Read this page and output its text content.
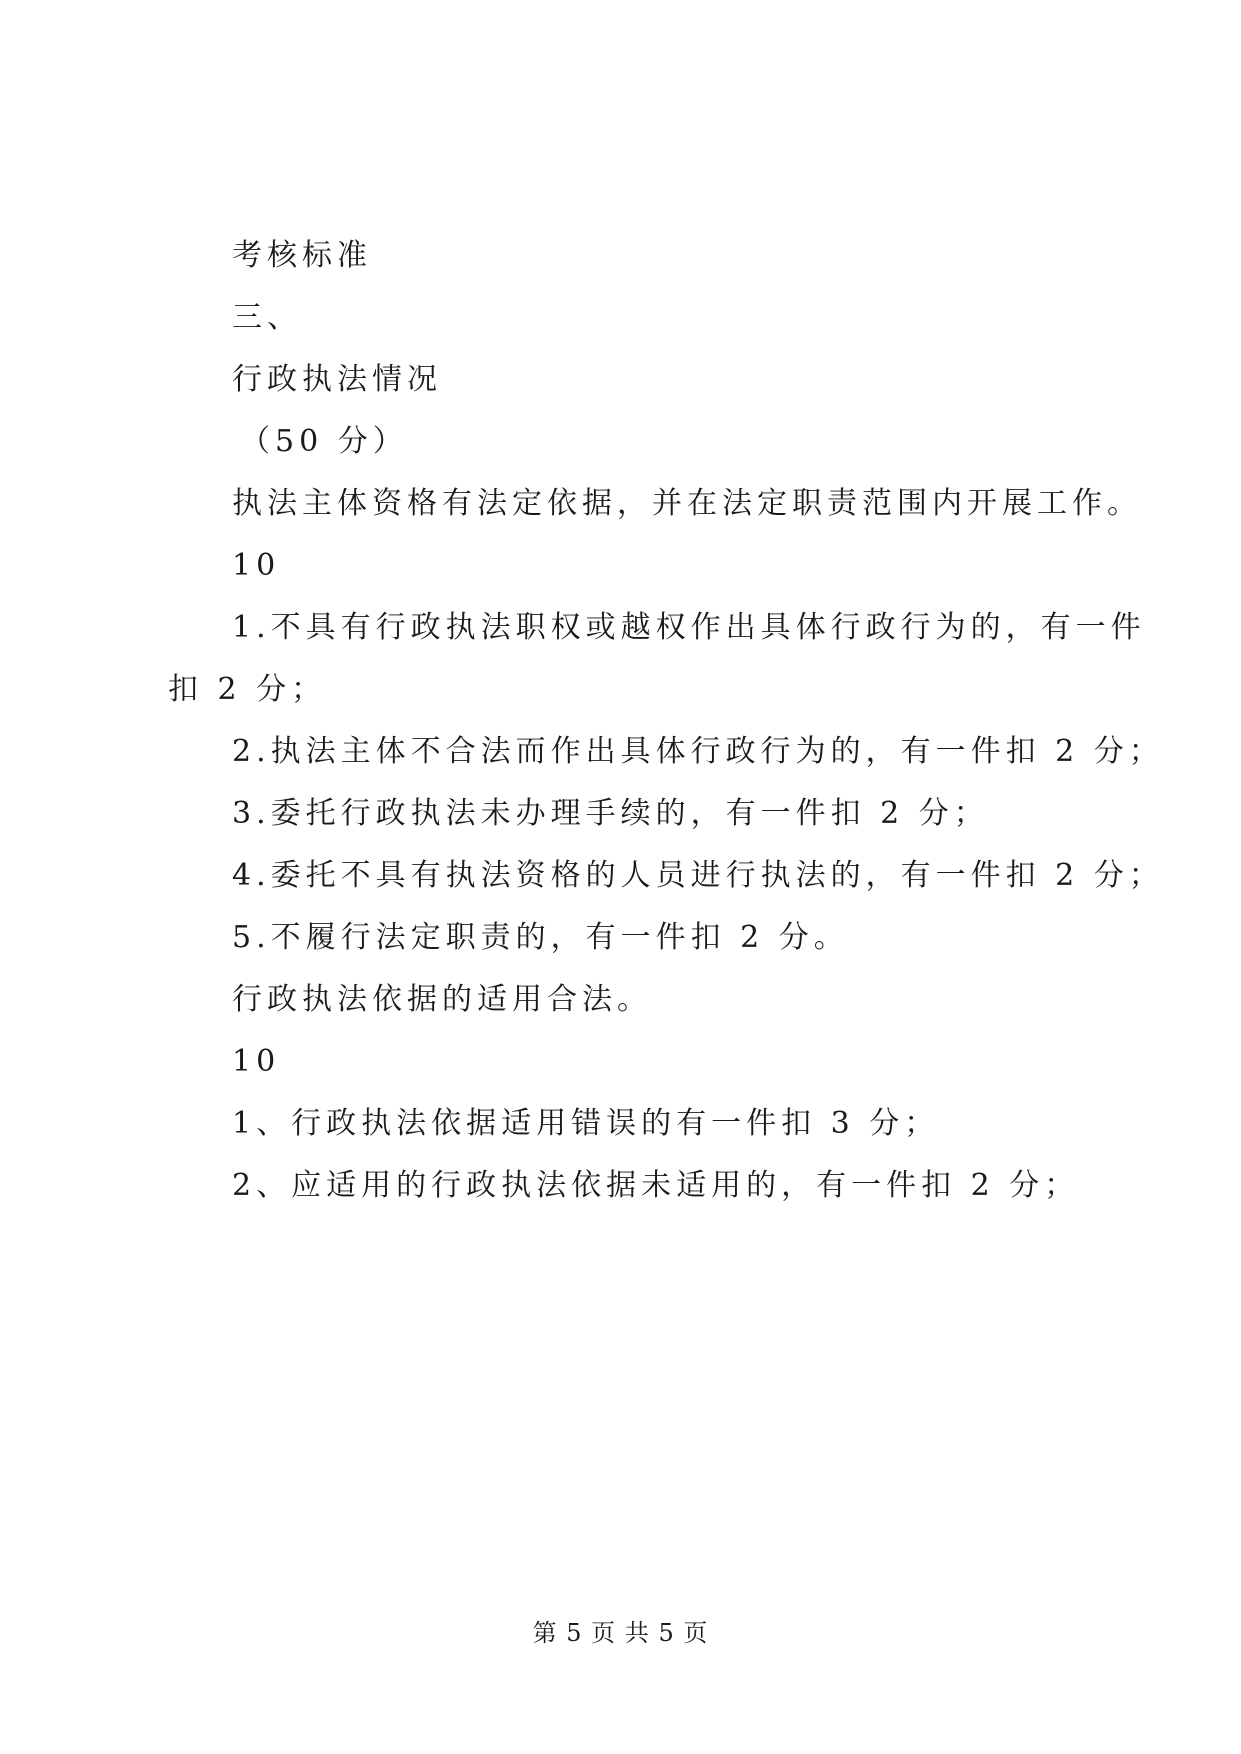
考核标准
三、
行政执法情况
（50 分）
执法主体资格有法定依据，并在法定职责范围内开展工作。
10
1.不具有行政执法职权或越权作出具体行政行为的，有一件
扣 2 分；
2.执法主体不合法而作出具体行政行为的，有一件扣 2 分；
3.委托行政执法未办理手续的，有一件扣 2 分；
4.委托不具有执法资格的人员进行执法的，有一件扣 2 分；
5.不履行法定职责的，有一件扣 2 分。
行政执法依据的适用合法。
10
1、行政执法依据适用错误的有一件扣 3 分；
2、应适用的行政执法依据未适用的，有一件扣 2 分；
第 5 页 共 5 页
